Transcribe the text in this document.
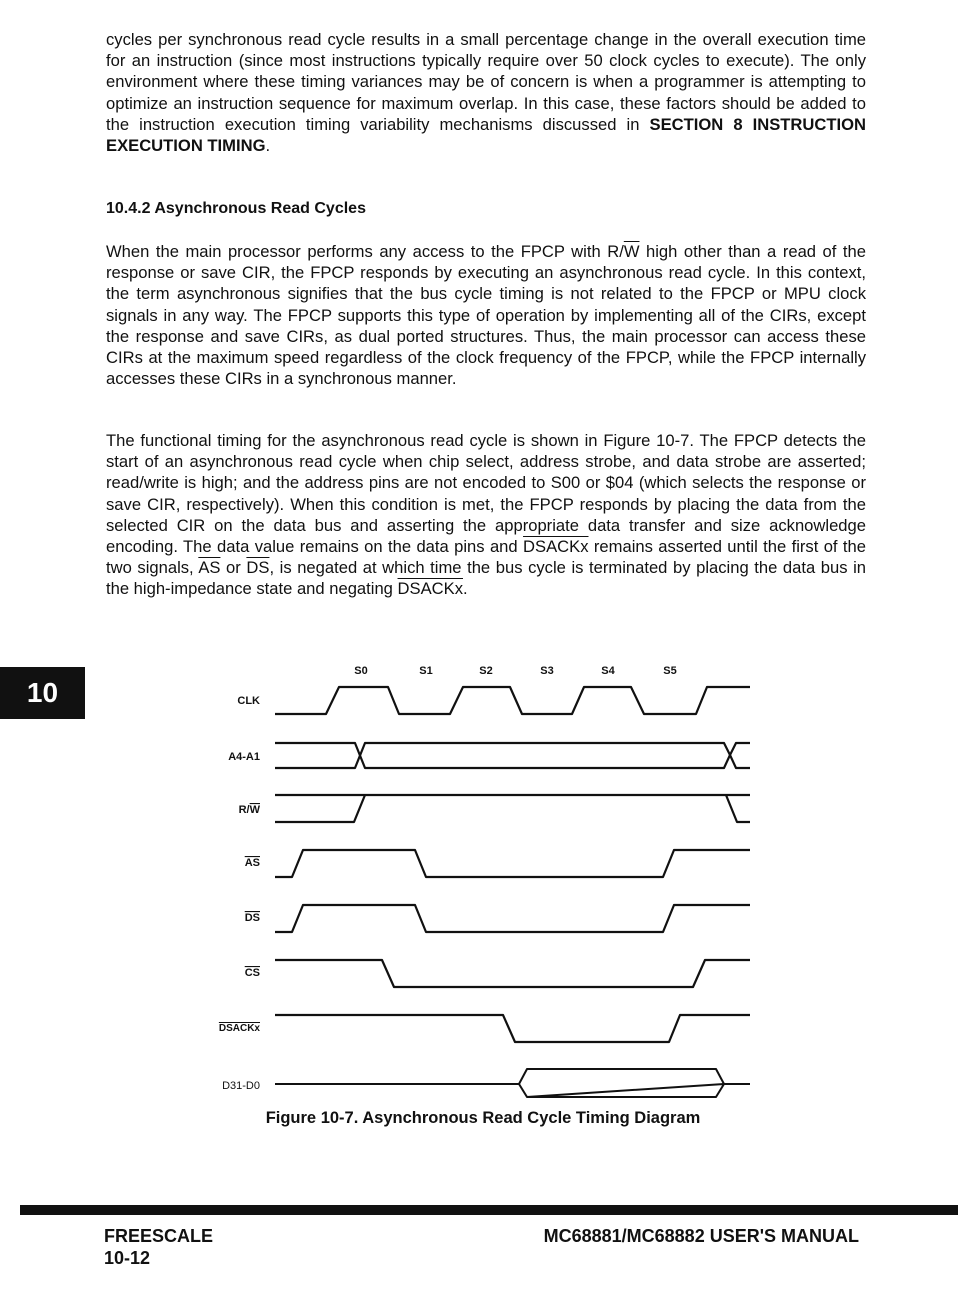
cycles per synchronous read cycle results in a small percentage change in the overall execution time for an instruction (since most instructions typically require over 50 clock cycles to execute). The only environment where these timing variances may be of concern is when a programmer is attempting to optimize an instruction sequence for maximum overlap. In this case, these factors should be added to the instruction execution timing variability mechanisms discussed in SECTION 8 INSTRUCTION EXECUTION TIMING.
10.4.2 Asynchronous Read Cycles
When the main processor performs any access to the FPCP with $R/\overline{W}$ high other than a read of the response or save CIR, the FPCP responds by executing an asynchronous read cycle. In this context, the term asynchronous signifies that the bus cycle timing is not related to the FPCP or MPU clock signals in any way. The FPCP supports this type of operation by implementing all of the CIRs, except the response and save CIRs, as dual ported structures. Thus, the main processor can access these CIRs at the maximum speed regardless of the clock frequency of the FPCP, while the FPCP internally accesses these CIRs in a synchronous manner.
The functional timing for the asynchronous read cycle is shown in Figure 10-7. The FPCP detects the start of an asynchronous read cycle when chip select, address strobe, and data strobe are asserted; read/write is high; and the address pins are not encoded to S00 or $04 (which selects the response or save CIR, respectively). When this condition is met, the FPCP responds by placing the data from the selected CIR on the data bus and asserting the appropriate data transfer and size acknowledge encoding. The data value remains on the data pins and DSACKx remains asserted until the first of the two signals, $\overline{AS}$ or $\overline{DS}$, is negated at which time the bus cycle is terminated by placing the data bus in the high-impedance state and negating DSACKx.
10
S0	S1	S2	S3	S4	S5
CLK
A4-A1
R/W
AS
DS
CS
DSACKx
D31-D0
Figure 10-7. Asynchronous Read Cycle Timing Diagram
FREESCALE
10-12
MC68881/MC68882 USER'S MANUAL
